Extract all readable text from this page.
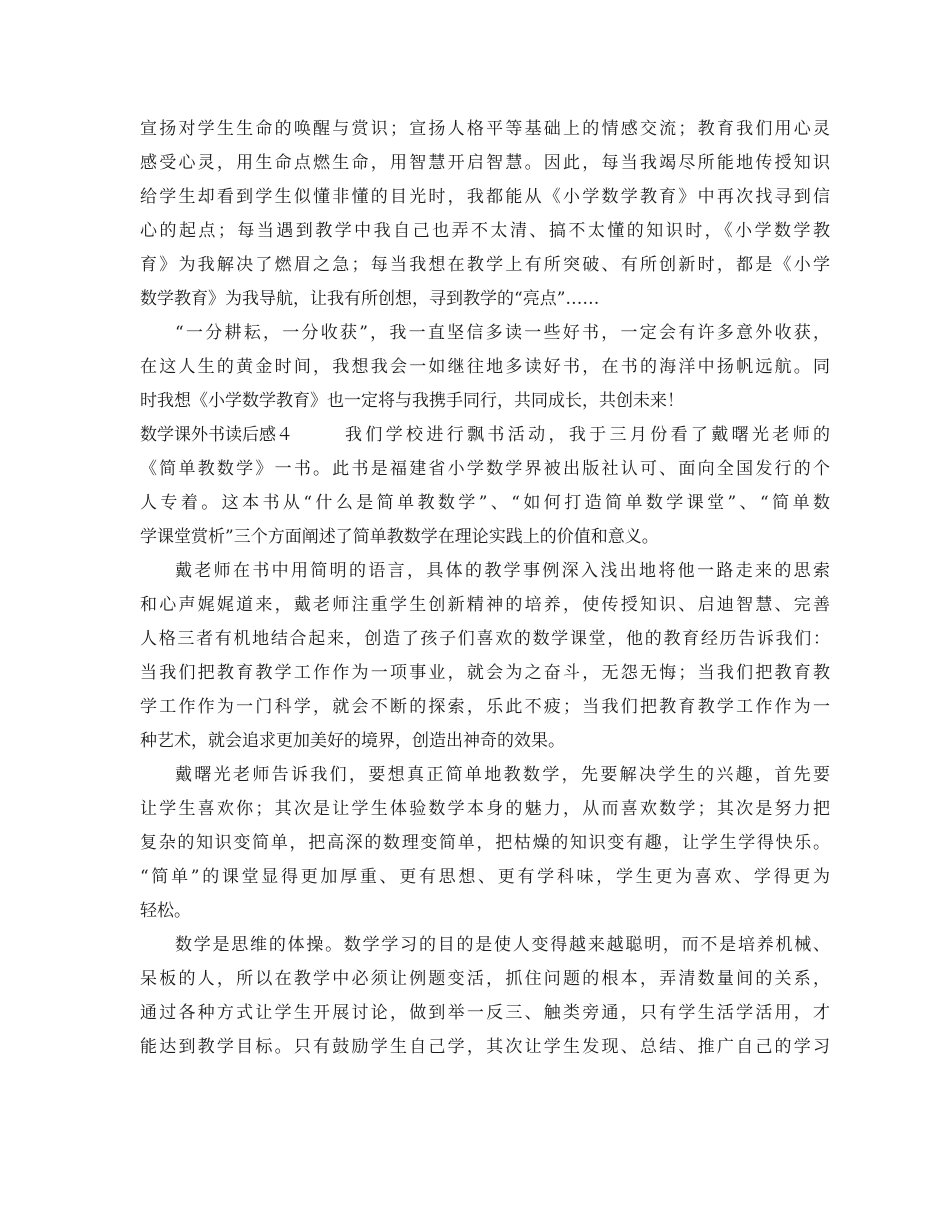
宣扬对学生生命的唤醒与赏识；宣扬人格平等基础上的情感交流；教育我们用心灵
感受心灵，用生命点燃生命，用智慧开启智慧。因此，每当我竭尽所能地传授知识
给学生却看到学生似懂非懂的目光时，我都能从《小学数学教育》中再次找寻到信
心的起点；每当遇到教学中我自己也弄不太清、搞不太懂的知识时，《小学数学教
育》为我解决了燃眉之急；每当我想在教学上有所突破、有所创新时，都是《小学
数学教育》为我导航，让我有所创想，寻到教学的“亮点”……
“一分耕耘，一分收获”，我一直坚信多读一些好书，一定会有许多意外收获，
在这人生的黄金时间，我想我会一如继往地多读好书，在书的海洋中扬帆远航。同
时我想《小学数学教育》也一定将与我携手同行，共同成长，共创未来！
数学课外书读后感４	我们学校进行飘书活动，我于三月份看了戴曙光老师的
《简单教数学》一书。此书是福建省小学数学界被出版社认可、面向全国发行的个
人专着。这本书从“什么是简单教数学”、“如何打造简单数学课堂”、“简单数
学课堂赏析”三个方面阐述了简单教数学在理论实践上的价值和意义。
戴老师在书中用简明的语言，具体的教学事例深入浅出地将他一路走来的思索
和心声娓娓道来，戴老师注重学生创新精神的培养，使传授知识、启迪智慧、完善
人格三者有机地结合起来，创造了孩子们喜欢的数学课堂，他的教育经历告诉我们：
当我们把教育教学工作作为一项事业，就会为之奋斗，无怨无悔；当我们把教育教
学工作作为一门科学，就会不断的探索，乐此不疲；当我们把教育教学工作作为一
种艺术，就会追求更加美好的境界，创造出神奇的效果。
戴曙光老师告诉我们，要想真正简单地教数学，先要解决学生的兴趣，首先要
让学生喜欢你；其次是让学生体验数学本身的魅力，从而喜欢数学；其次是努力把
复杂的知识变简单，把高深的数理变简单，把枯燥的知识变有趣，让学生学得快乐。
“简单”的课堂显得更加厚重、更有思想、更有学科味，学生更为喜欢、学得更为
轻松。
数学是思维的体操。数学学习的目的是使人变得越来越聪明，而不是培养机械、
呆板的人，所以在教学中必须让例题变活，抓住问题的根本，弄清数量间的关系，
通过各种方式让学生开展讨论，做到举一反三、触类旁通，只有学生活学活用，才
能达到教学目标。只有鼓励学生自己学，其次让学生发现、总结、推广自己的学习
